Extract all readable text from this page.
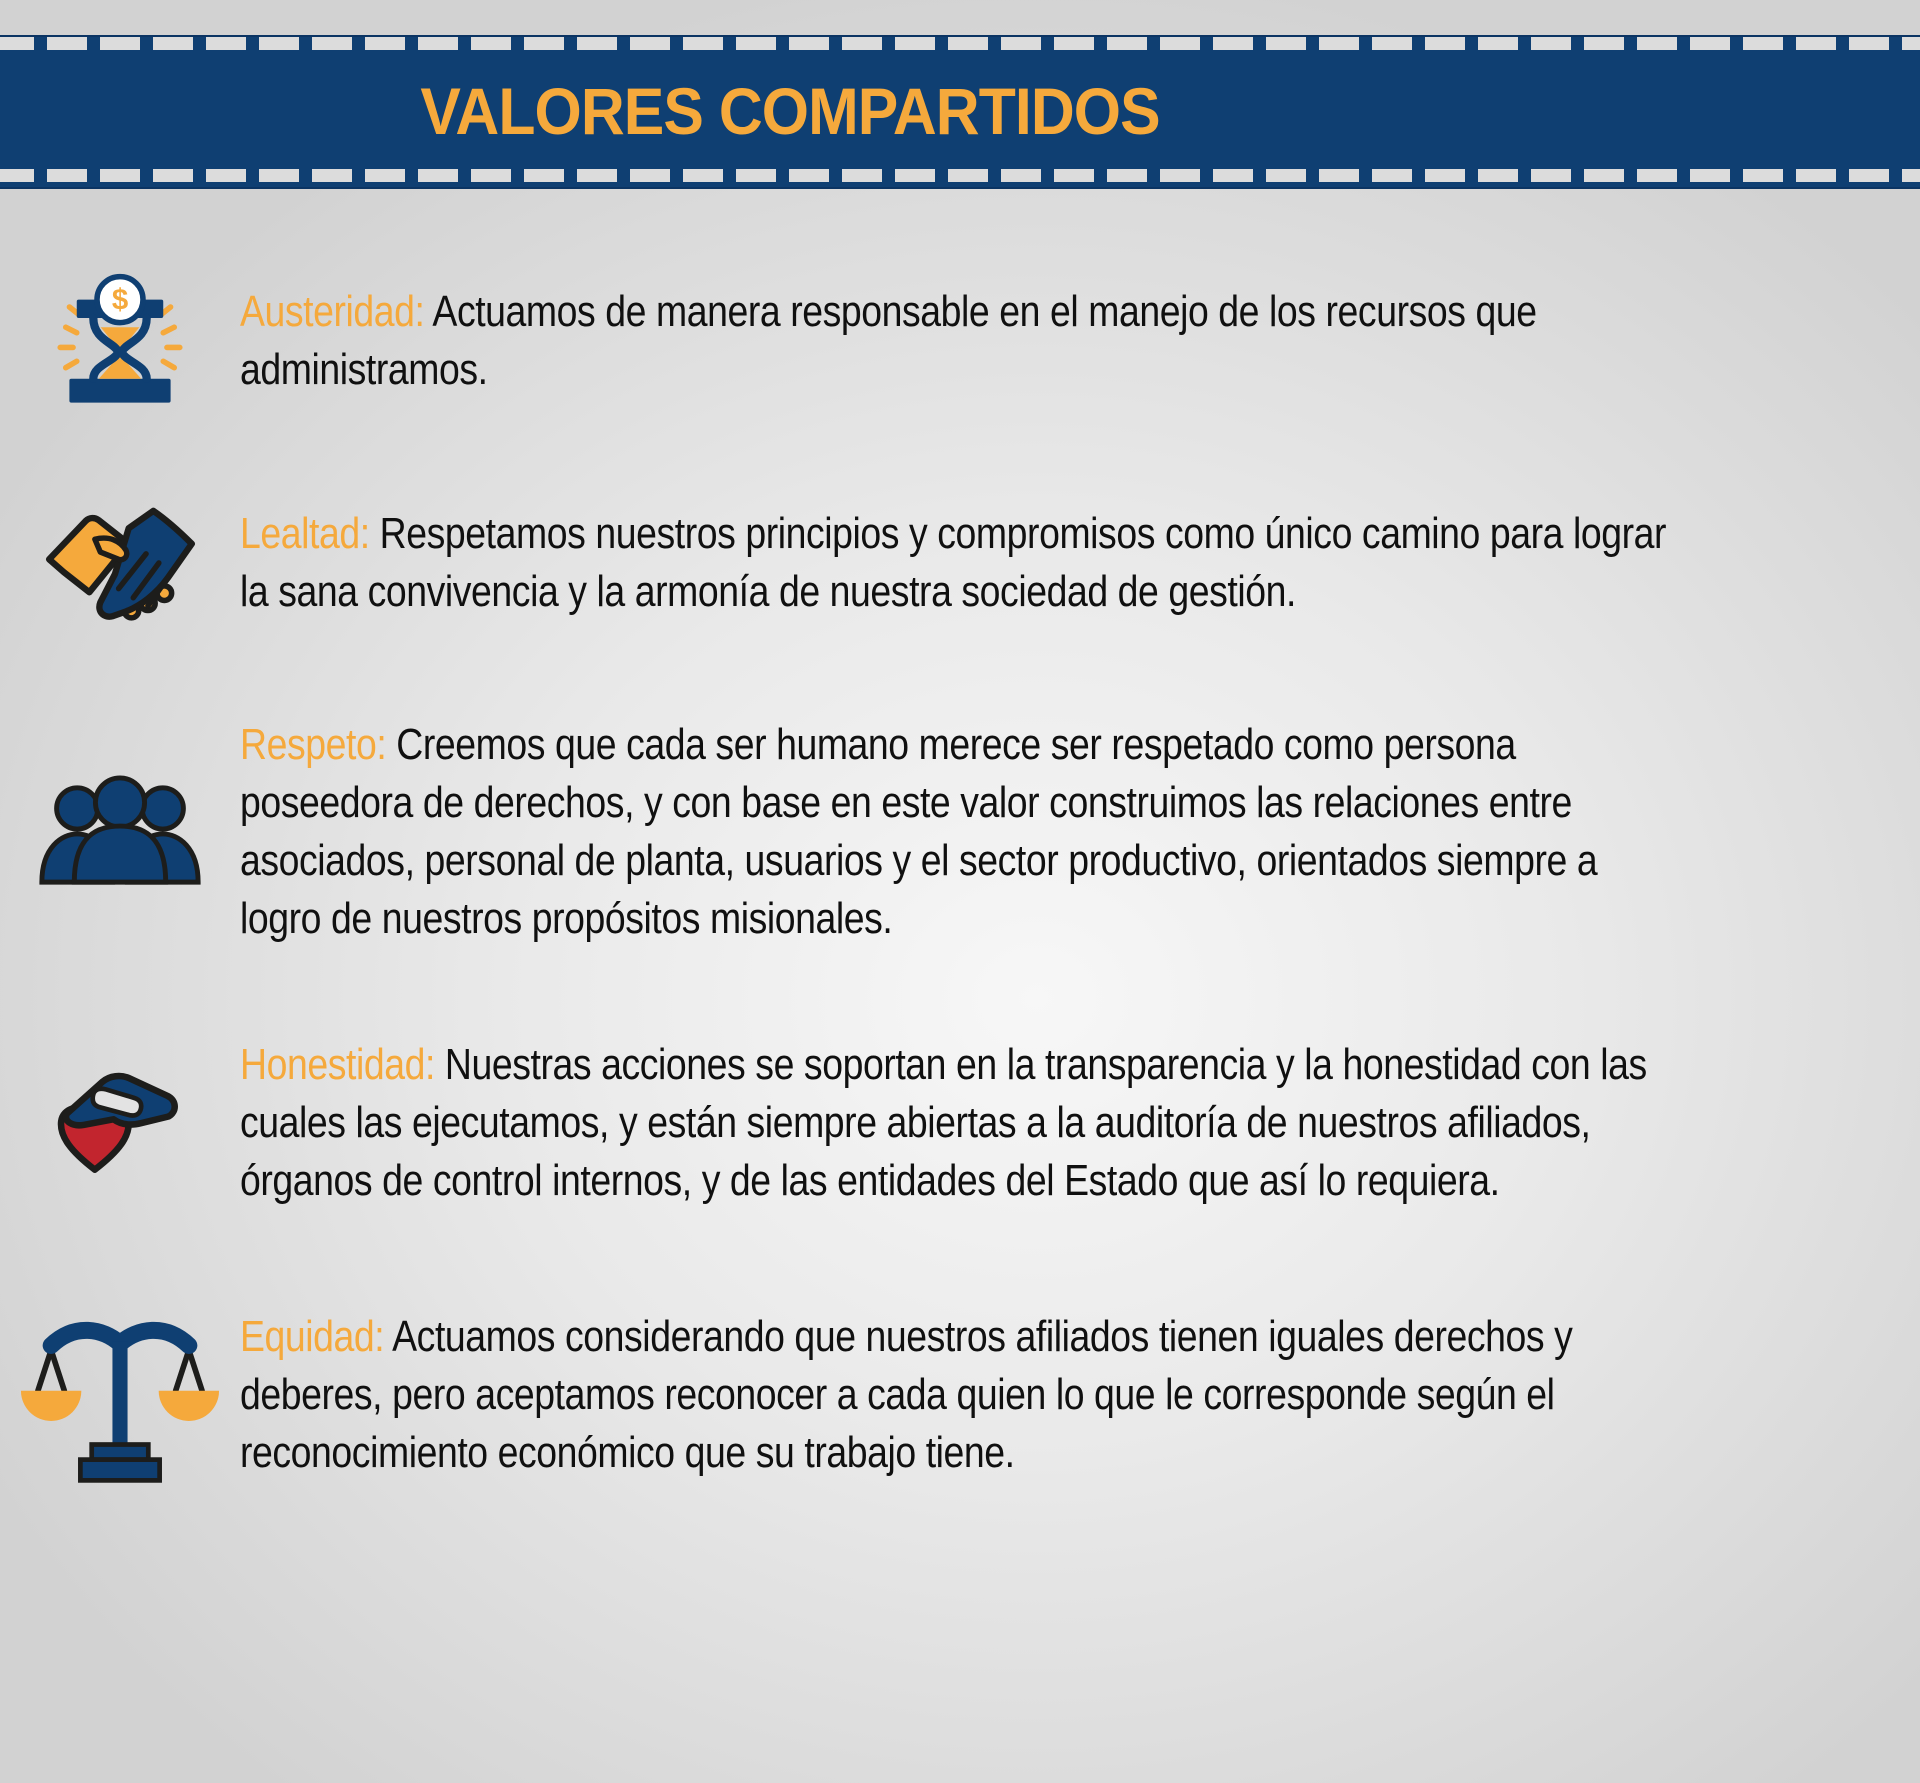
VALORES COMPARTIDOS
$	Austeridad: Actuamos de manera responsable en el manejo de los recursos que administramos.

Lealtad: Respetamos nuestros principios y compromisos como único camino para lograr la sana convivencia y la armonía de nuestra sociedad de gestión.

Respeto: Creemos que cada ser humano merece ser respetado como persona poseedora de derechos, y con base en este valor construimos las relaciones entre asociados, personal de planta, usuarios y el sector productivo, orientados siempre a logro de nuestros propósitos misionales.

Honestidad: Nuestras acciones se soportan en la transparencia y la honestidad con las cuales las ejecutamos, y están siempre abiertas a la auditoría de nuestros afiliados, órganos de control internos, y de las entidades del Estado que así lo requiera.

Equidad: Actuamos considerando que nuestros afiliados tienen iguales derechos y deberes, pero aceptamos reconocer a cada quien lo que le corresponde según el reconocimiento económico que su trabajo tiene.
